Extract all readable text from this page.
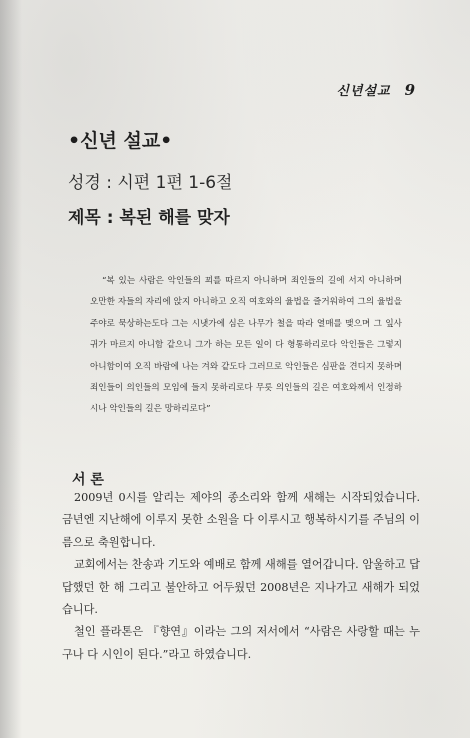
신년설교 9
•신년 설교•
성경 : 시편 1편 1-6절
제목 : 복된 해를 맞자

“복 있는 사람은 악인들의 꾀를 따르지 아니하며 죄인들의 길에 서지 아니하며 오만한 자들의 자리에 앉지 아니하고 오직 여호와의 율법을 즐거워하여 그의 율법을 주야로 묵상하는도다 그는 시냇가에 심은 나무가 철을 따라 열매를 맺으며 그 잎사귀가 마르지 아니함 같으니 그가 하는 모든 일이 다 형통하리로다 악인들은 그렇지 아니함이여 오직 바람에 나는 겨와 같도다 그러므로 악인들은 심판을 견디지 못하며 죄인들이 의인들의 모임에 들지 못하리로다 무릇 의인들의 길은 여호와께서 인정하시나 악인들의 길은 망하리로다”

서 론

2009년 0시를 알리는 제야의 종소리와 함께 새해는 시작되었습니다. 금년엔 지난해에 이루지 못한 소원을 다 이루시고 행복하시기를 주님의 이름으로 축원합니다.

교회에서는 찬송과 기도와 예배로 함께 새해를 열어갑니다. 암울하고 답답했던 한 해 그리고 불안하고 어두웠던 2008년은 지나가고 새해가 되었습니다.

철인 플라톤은 『향연』이라는 그의 저서에서 “사람은 사랑할 때는 누구나 다 시인이 된다.”라고 하였습니다.
